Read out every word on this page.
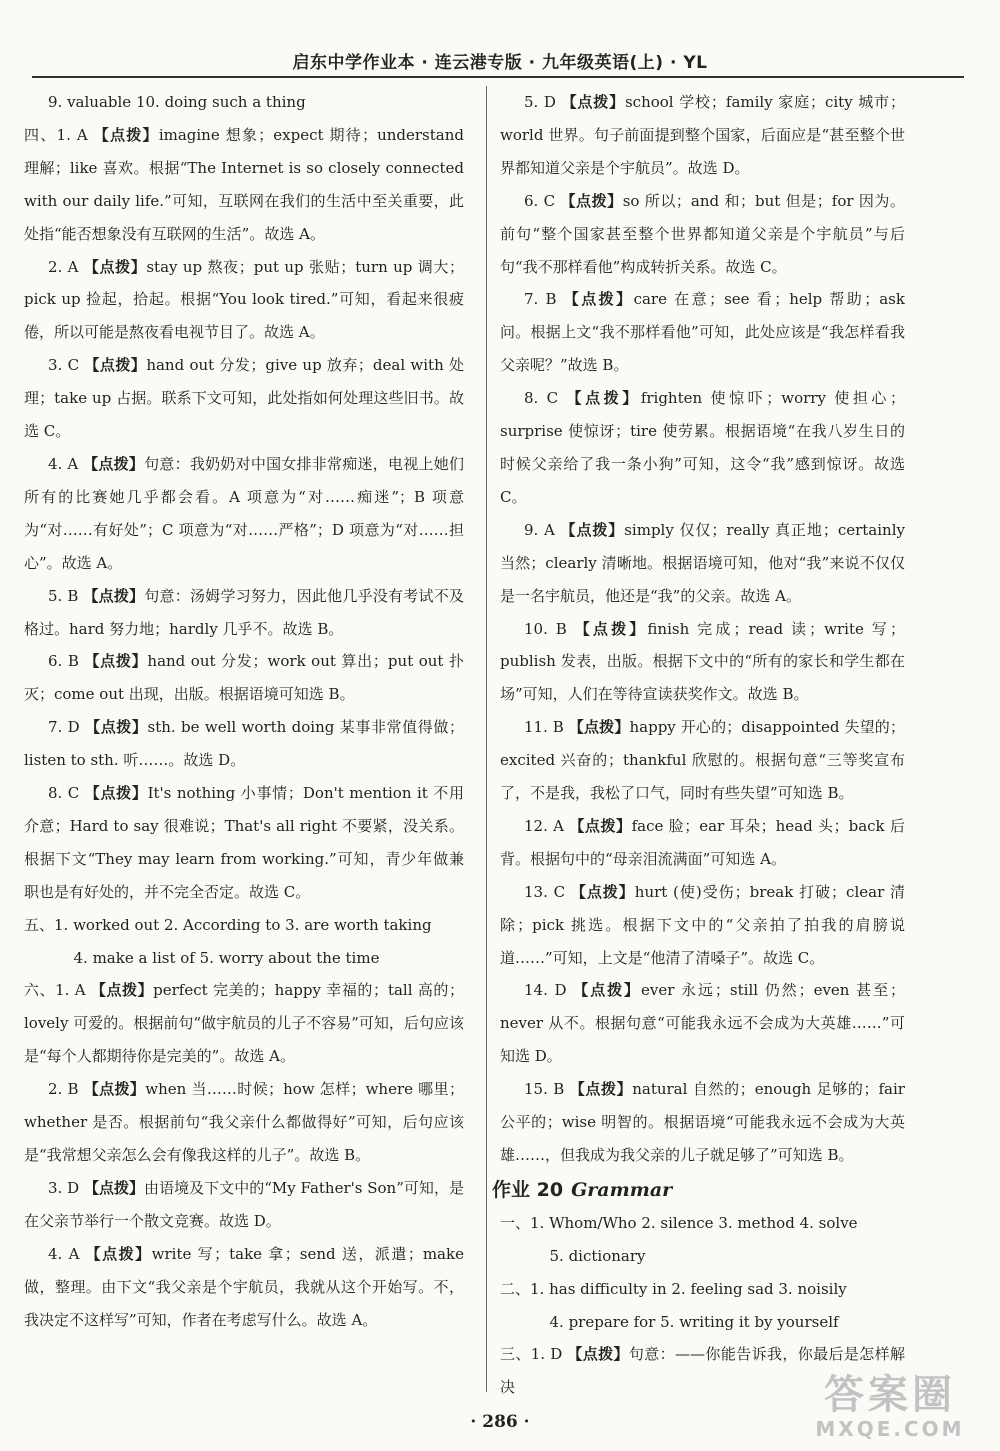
启东中学作业本 · 连云港专版 · 九年级英语(上) · YL
9. valuable 10. doing such a thing
四、1. A 【点拨】imagine 想象；expect 期待；understand 理解；like 喜欢。根据“The Internet is so closely connected with our daily life.”可知，互联网在我们的生活中至关重要，此处指“能否想象没有互联网的生活”。故选 A。
2. A 【点拨】stay up 熬夜；put up 张贴；turn up 调大；pick up 捡起，拾起。根据“You look tired.”可知，看起来很疲倦，所以可能是熬夜看电视节目了。故选 A。
3. C 【点拨】hand out 分发；give up 放弃；deal with 处理；take up 占据。联系下文可知，此处指如何处理这些旧书。故选 C。
4. A 【点拨】句意：我奶奶对中国女排非常痴迷，电视上她们所有的比赛她几乎都会看。A 项意为“对……痴迷”；B 项意为“对……有好处”；C 项意为“对……严格”；D 项意为“对……担心”。故选 A。
5. B 【点拨】句意：汤姆学习努力，因此他几乎没有考试不及格过。hard 努力地；hardly 几乎不。故选 B。
6. B 【点拨】hand out 分发；work out 算出；put out 扑灭；come out 出现，出版。根据语境可知选 B。
7. D 【点拨】sth. be well worth doing 某事非常值得做；listen to sth. 听……。故选 D。
8. C 【点拨】It's nothing 小事情；Don't mention it 不用介意；Hard to say 很难说；That's all right 不要紧，没关系。根据下文“They may learn from working.”可知，青少年做兼职也是有好处的，并不完全否定。故选 C。
五、1. worked out 2. According to 3. are worth taking
4. make a list of 5. worry about the time
六、1. A 【点拨】perfect 完美的；happy 幸福的；tall 高的；lovely 可爱的。根据前句“做宇航员的儿子不容易”可知，后句应该是“每个人都期待你是完美的”。故选 A。
2. B 【点拨】when 当……时候；how 怎样；where 哪里；whether 是否。根据前句“我父亲什么都做得好”可知，后句应该是“我常想父亲怎么会有像我这样的儿子”。故选 B。
3. D 【点拨】由语境及下文中的“My Father's Son”可知，是在父亲节举行一个散文竞赛。故选 D。
4. A 【点拨】write 写；take 拿；send 送，派遣；make 做，整理。由下文“我父亲是个宇航员，我就从这个开始写。不，我决定不这样写”可知，作者在考虑写什么。故选 A。
5. D 【点拨】school 学校；family 家庭；city 城市；world 世界。句子前面提到整个国家，后面应是“甚至整个世界都知道父亲是个宇航员”。故选 D。
6. C 【点拨】so 所以；and 和；but 但是；for 因为。前句“整个国家甚至整个世界都知道父亲是个宇航员”与后句“我不那样看他”构成转折关系。故选 C。
7. B 【点拨】care 在意；see 看；help 帮助；ask 问。根据上文“我不那样看他”可知，此处应该是“我怎样看我父亲呢？”故选 B。
8. C 【点拨】frighten 使惊吓；worry 使担心；surprise 使惊讶；tire 使劳累。根据语境“在我八岁生日的时候父亲给了我一条小狗”可知，这令“我”感到惊讶。故选 C。
9. A 【点拨】simply 仅仅；really 真正地；certainly 当然；clearly 清晰地。根据语境可知，他对“我”来说不仅仅是一名宇航员，他还是“我”的父亲。故选 A。
10. B 【点拨】finish 完成；read 读；write 写；publish 发表，出版。根据下文中的“所有的家长和学生都在场”可知，人们在等待宣读获奖作文。故选 B。
11. B 【点拨】happy 开心的；disappointed 失望的；excited 兴奋的；thankful 欣慰的。根据句意“三等奖宣布了，不是我，我松了口气，同时有些失望”可知选 B。
12. A 【点拨】face 脸；ear 耳朵；head 头；back 后背。根据句中的“母亲泪流满面”可知选 A。
13. C 【点拨】hurt (使)受伤；break 打破；clear 清除；pick 挑选。根据下文中的“父亲拍了拍我的肩膀说道……”可知，上文是“他清了清嗓子”。故选 C。
14. D 【点拨】ever 永远；still 仍然；even 甚至；never 从不。根据句意“可能我永远不会成为大英雄……”可知选 D。
15. B 【点拨】natural 自然的；enough 足够的；fair 公平的；wise 明智的。根据语境“可能我永远不会成为大英雄……，但我成为我父亲的儿子就足够了”可知选 B。
作业 20 Grammar
一、1. Whom/Who 2. silence 3. method 4. solve
5. dictionary
二、1. has difficulty in 2. feeling sad 3. noisily
4. prepare for 5. writing it by yourself
三、1. D 【点拨】句意：——你能告诉我，你最后是怎样解决
· 286 ·
答案圈
MXQE.COM
